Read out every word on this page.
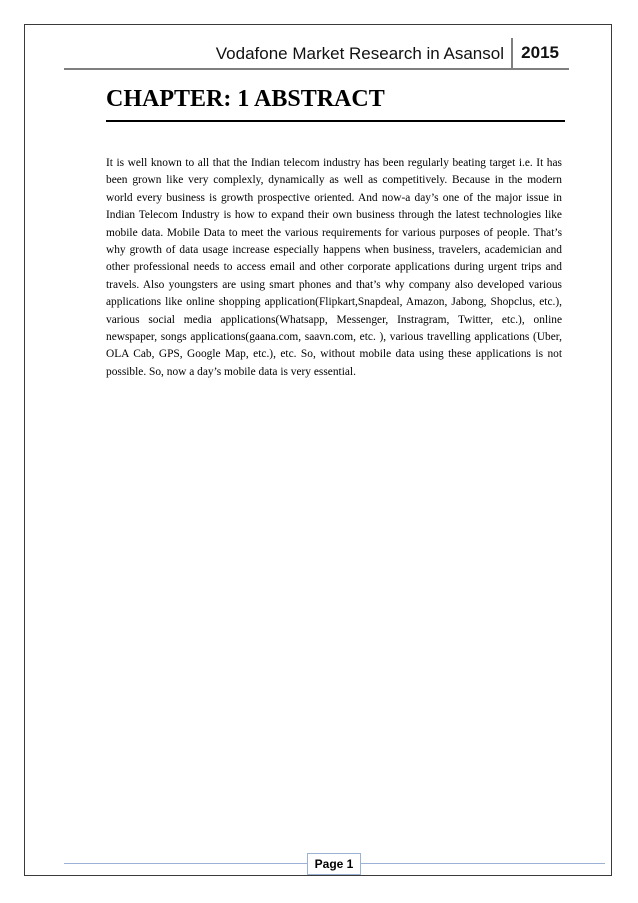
Vodafone Market Research in Asansol 2015
CHAPTER: 1 ABSTRACT

It is well known to all that the Indian telecom industry has been regularly beating target i.e. It has been grown like very complexly, dynamically as well as competitively. Because in the modern world every business is growth prospective oriented. And now-a day’s one of the major issue in Indian Telecom Industry is how to expand their own business through the latest technologies like mobile data. Mobile Data to meet the various requirements for various purposes of people. That’s why growth of data usage increase especially happens when business, travelers, academician and other professional needs to access email and other corporate applications during urgent trips and travels. Also youngsters are using smart phones and that’s why company also developed various applications like online shopping application(Flipkart,Snapdeal, Amazon, Jabong, Shopclus, etc.), various social media applications(Whatsapp, Messenger, Instragram, Twitter, etc.), online newspaper, songs applications(gaana.com, saavn.com, etc. ), various travelling applications (Uber, OLA Cab, GPS, Google Map, etc.), etc. So, without mobile data using these applications is not possible. So, now a day’s mobile data is very essential.

Page 1
